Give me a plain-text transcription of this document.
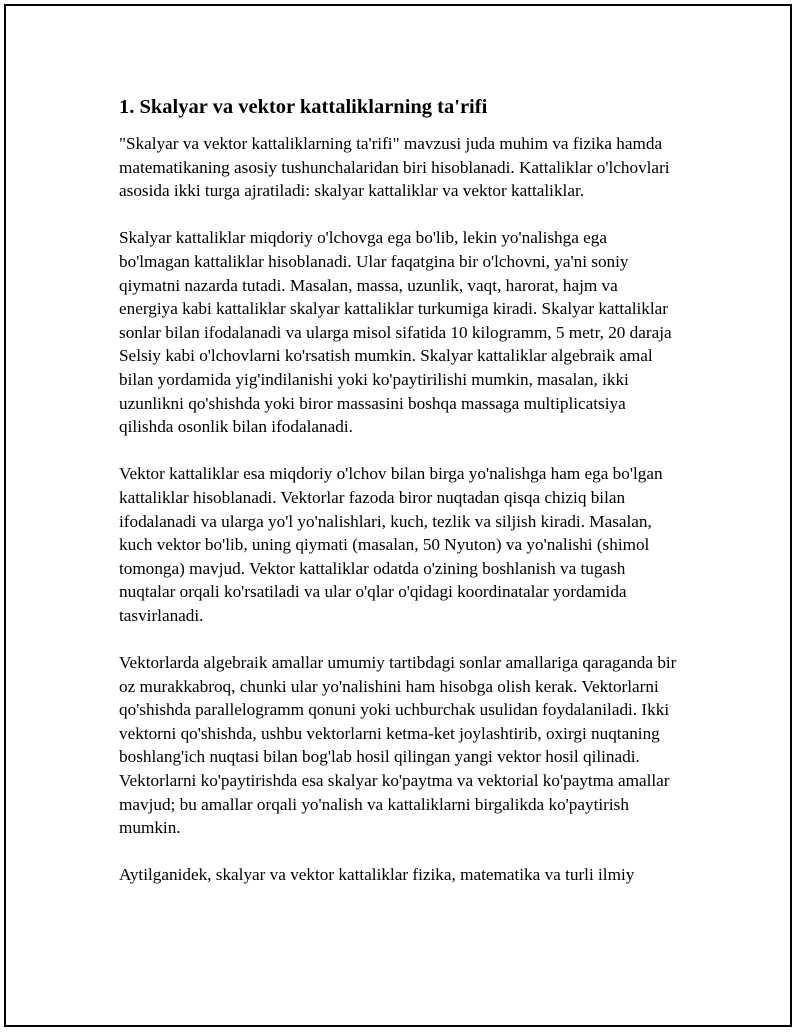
1. Skalyar va vektor kattaliklarning ta'rifi

"Skalyar va vektor kattaliklarning ta'rifi" mavzusi juda muhim va fizika hamda matematikaning asosiy tushunchalaridan biri hisoblanadi. Kattaliklar o'lchovlari asosida ikki turga ajratiladi: skalyar kattaliklar va vektor kattaliklar.

Skalyar kattaliklar miqdoriy o'lchovga ega bo'lib, lekin yo'nalishga ega bo'lmagan kattaliklar hisoblanadi. Ular faqatgina bir o'lchovni, ya'ni soniy qiymatni nazarda tutadi. Masalan, massa, uzunlik, vaqt, harorat, hajm va energiya kabi kattaliklar skalyar kattaliklar turkumiga kiradi. Skalyar kattaliklar sonlar bilan ifodalanadi va ularga misol sifatida 10 kilogramm, 5 metr, 20 daraja Selsiy kabi o'lchovlarni ko'rsatish mumkin. Skalyar kattaliklar algebraik amal bilan yordamida yig'indilanishi yoki ko'paytirilishi mumkin, masalan, ikki uzunlikni qo'shishda yoki biror massasini boshqa massaga multiplicatsiya qilishda osonlik bilan ifodalanadi.

Vektor kattaliklar esa miqdoriy o'lchov bilan birga yo'nalishga ham ega bo'lgan kattaliklar hisoblanadi. Vektorlar fazoda biror nuqtadan qisqa chiziq bilan ifodalanadi va ularga yo'l yo'nalishlari, kuch, tezlik va siljish kiradi. Masalan, kuch vektor bo'lib, uning qiymati (masalan, 50 Nyuton) va yo'nalishi (shimol tomonga) mavjud. Vektor kattaliklar odatda o'zining boshlanish va tugash nuqtalar orqali ko'rsatiladi va ular o'qlar o'qidagi koordinatalar yordamida tasvirlanadi.

Vektorlarda algebraik amallar umumiy tartibdagi sonlar amallariga qaraganda bir oz murakkabroq, chunki ular yo'nalishini ham hisobga olish kerak. Vektorlarni qo'shishda parallelogramm qonuni yoki uchburchak usulidan foydalaniladi. Ikki vektorni qo'shishda, ushbu vektorlarni ketma-ket joylashtirib, oxirgi nuqtaning boshlang'ich nuqtasi bilan bog'lab hosil qilingan yangi vektor hosil qilinadi. Vektorlarni ko'paytirishda esa skalyar ko'paytma va vektorial ko'paytma amallar mavjud; bu amallar orqali yo'nalish va kattaliklarni birgalikda ko'paytirish mumkin.

Aytilganidek, skalyar va vektor kattaliklar fizika, matematika va turli ilmiy
